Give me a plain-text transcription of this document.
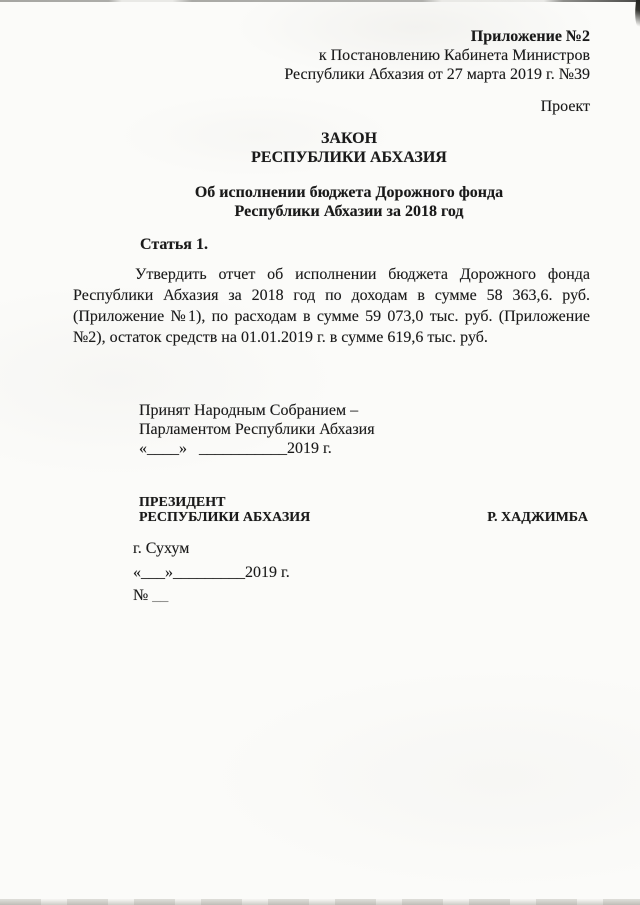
Приложение №2
к Постановлению Кабинета Министров
Республики Абхазия от 27 марта 2019 г. №39
Проект
ЗАКОН
РЕСПУБЛИКИ АБХАЗИЯ
Об исполнении бюджета Дорожного фонда
Республики Абхазии за 2018 год
Статья 1.
Утвердить отчет об исполнении бюджета Дорожного фонда
Республики Абхазия за 2018 год по доходам в сумме 58 363,6. руб.
(Приложение №1), по расходам в сумме 59 073,0 тыс. руб. (Приложение
№2), остаток средств на 01.01.2019 г. в сумме 619,6 тыс. руб.
Принят Народным Собранием –
Парламентом Республики Абхазия
«____»   ___________2019 г.
ПРЕЗИДЕНТ
РЕСПУБЛИКИ АБХАЗИЯ	Р. ХАДЖИМБА
г. Сухум
«___»_________2019 г.
№ __
